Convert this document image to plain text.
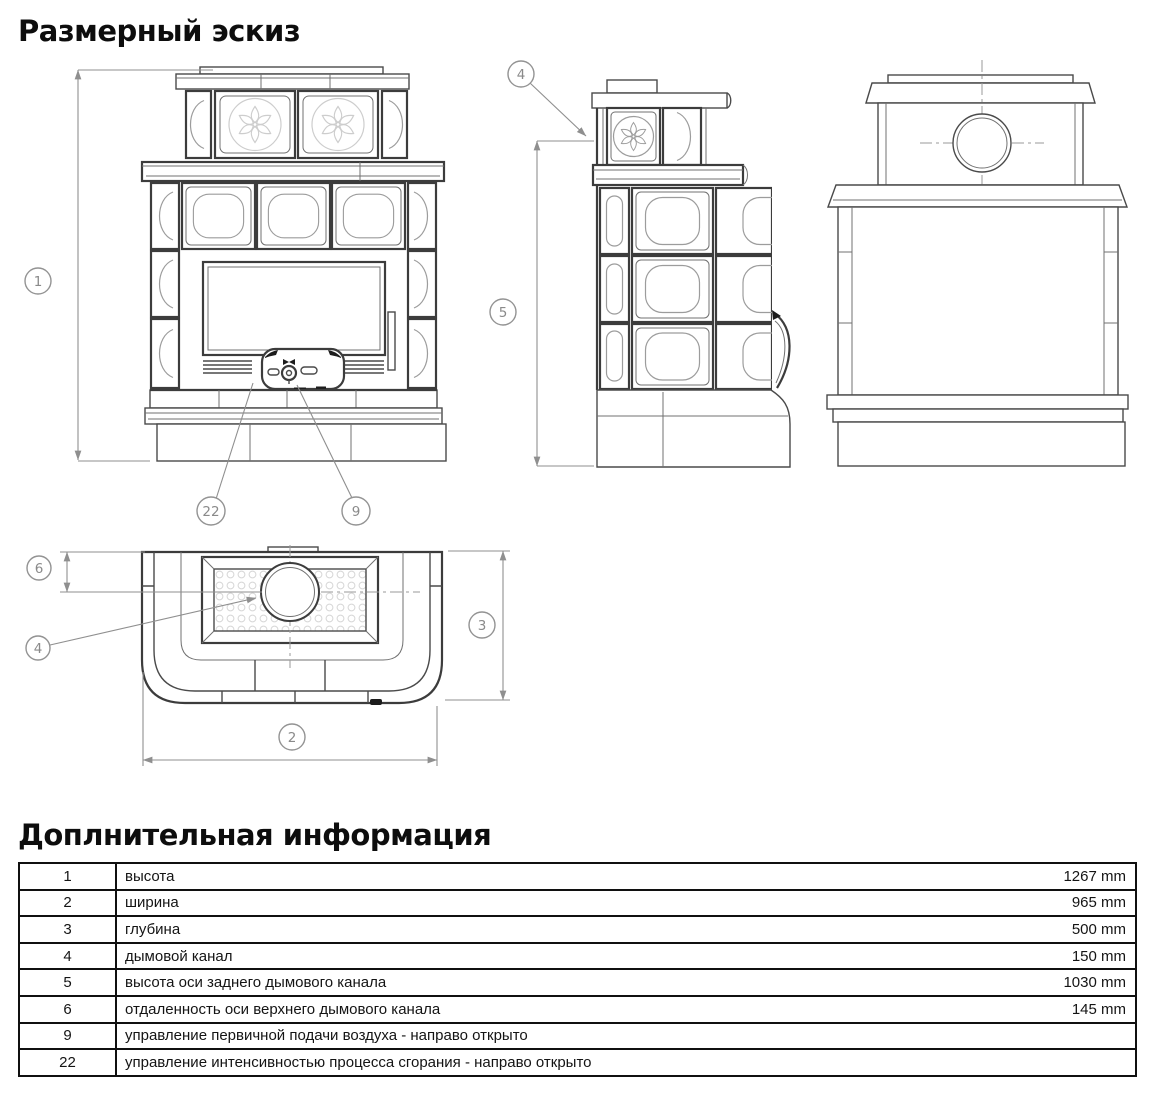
Размерный эскиз
1
5
4
6
4
3
2
22	9
Доплнительная информация
1	высота 1267 mm

2	ширина 965 mm

3	глубина 500 mm

4	дымовой канал 150 mm

5	высота оси заднего дымового канала 1030 mm

6	отдаленность оси верхнего дымового канала 145 mm

9	управление первичной подачи воздуха - направо открыто

22	управление интенсивностью процесса сгорания - направо открыто
